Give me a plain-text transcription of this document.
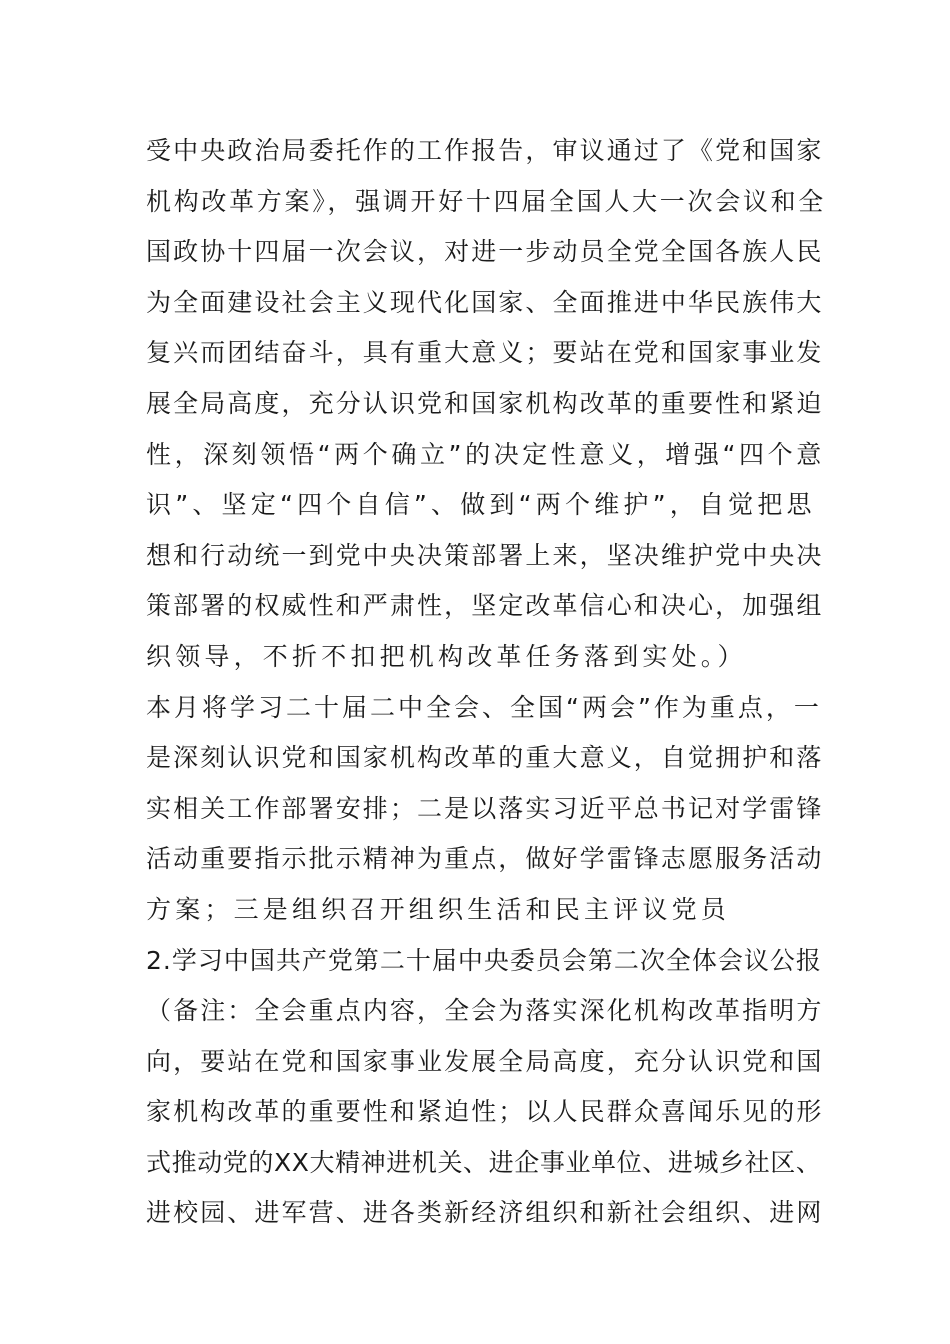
受中央政治局委托作的工作报告，审议通过了《党和国家
机构改革方案》，强调开好十四届全国人大一次会议和全
国政协十四届一次会议，对进一步动员全党全国各族人民
为全面建设社会主义现代化国家、全面推进中华民族伟大
复兴而团结奋斗，具有重大意义；要站在党和国家事业发
展全局高度，充分认识党和国家机构改革的重要性和紧迫
性，深刻领悟“两个确立”的决定性意义，增强“四个意
识”、坚定“四个自信”、做到“两个维护”，自觉把思
想和行动统一到党中央决策部署上来，坚决维护党中央决
策部署的权威性和严肃性，坚定改革信心和决心，加强组
织领导，不折不扣把机构改革任务落到实处。）
本月将学习二十届二中全会、全国“两会”作为重点，一
是深刻认识党和国家机构改革的重大意义，自觉拥护和落
实相关工作部署安排；二是以落实习近平总书记对学雷锋
活动重要指示批示精神为重点，做好学雷锋志愿服务活动
方案；三是组织召开组织生活和民主评议党员
2.学习中国共产党第二十届中央委员会第二次全体会议公报
（备注：全会重点内容，全会为落实深化机构改革指明方
向，要站在党和国家事业发展全局高度，充分认识党和国
家机构改革的重要性和紧迫性；以人民群众喜闻乐见的形
式推动党的XX大精神进机关、进企事业单位、进城乡社区、
进校园、进军营、进各类新经济组织和新社会组织、进网
